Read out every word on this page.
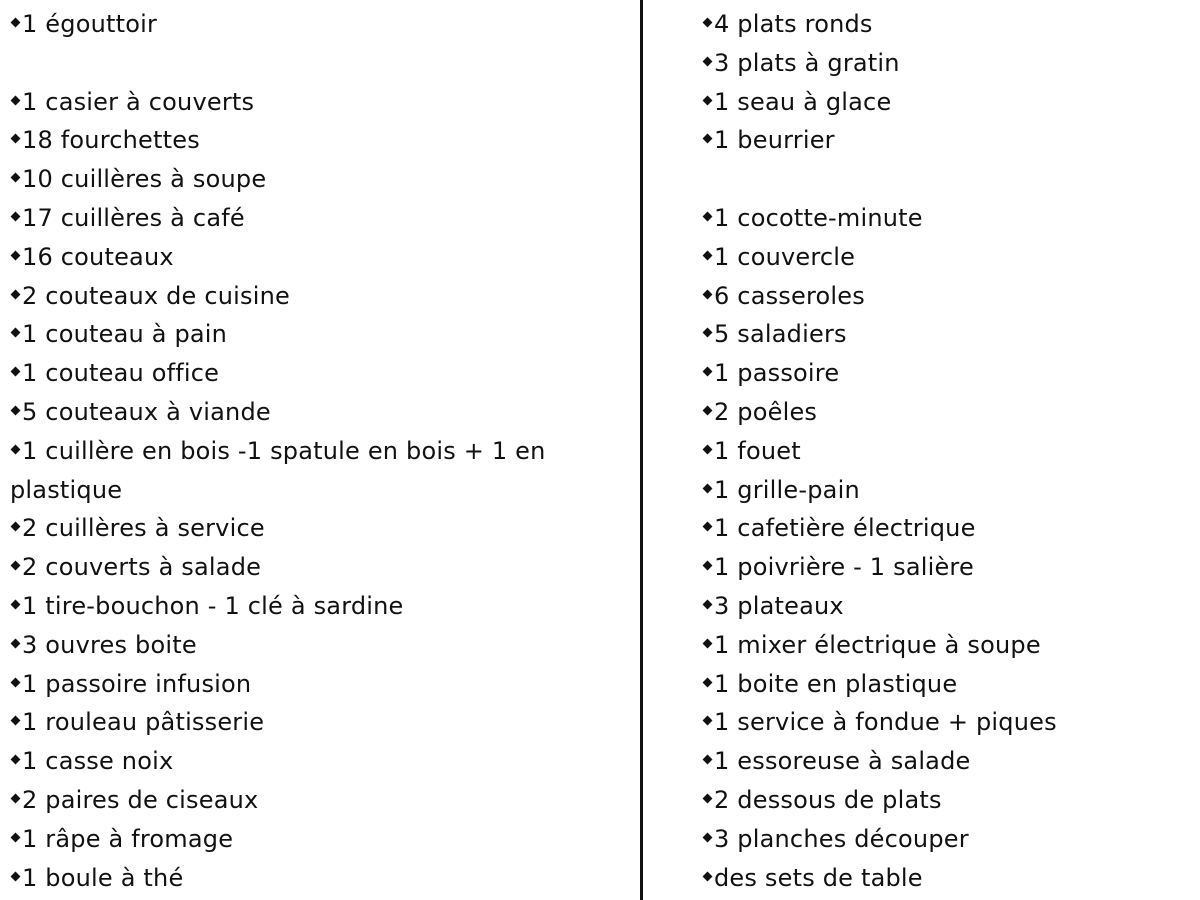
1 égouttoir
1 casier à couverts
18 fourchettes
10 cuillères à soupe
17 cuillères à café
16 couteaux
2 couteaux de cuisine
1 couteau à pain
1 couteau office
5 couteaux à viande
1 cuillère en bois -1 spatule en bois + 1 en
plastique
2 cuillères à service
2 couverts à salade
1 tire-bouchon - 1 clé à sardine
3 ouvres boite
1 passoire infusion
1 rouleau pâtisserie
1 casse noix
2 paires de ciseaux
1 râpe à fromage
1 boule à thé
4 plats ronds
3 plats à gratin
1 seau à glace
1 beurrier
1 cocotte-minute
1 couvercle
6 casseroles
5 saladiers
1 passoire
2 poêles
1 fouet
1 grille-pain
1 cafetière électrique
1 poivrière - 1 salière
3 plateaux
1 mixer électrique à soupe
1 boite en plastique
1 service à fondue + piques
1 essoreuse à salade
2 dessous de plats
3 planches découper
des sets de table
